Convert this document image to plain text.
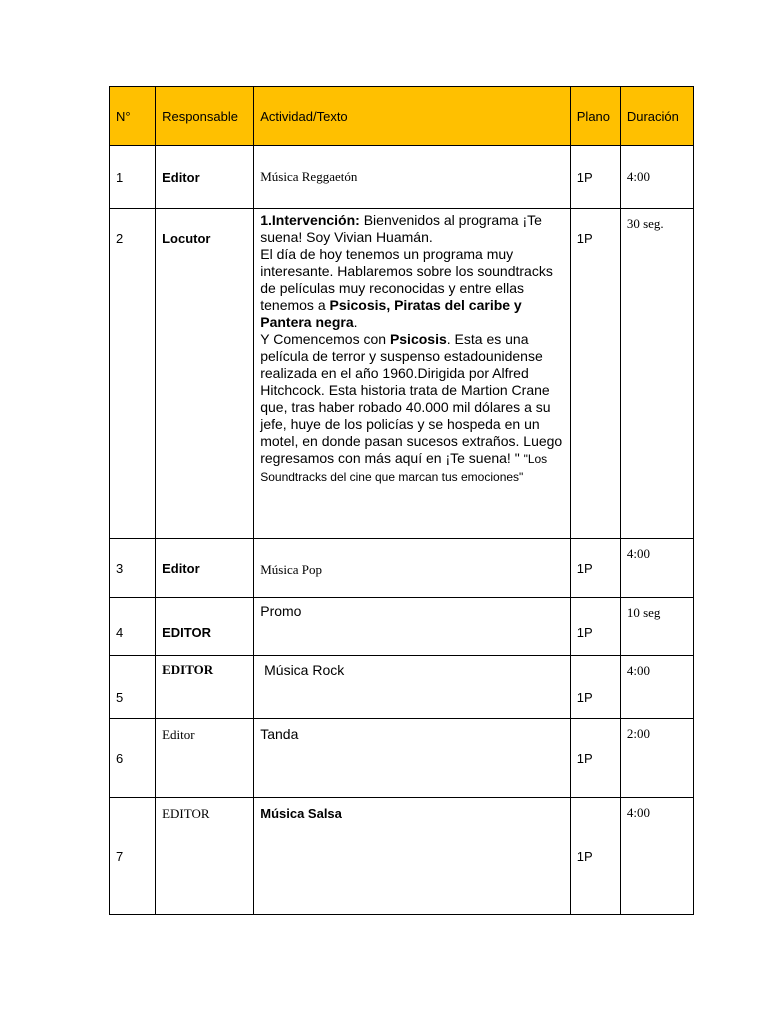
N°	Responsable	Actividad/Texto	Plano	Duración
1	Editor	Música Reggaetón	1P	4:00
2	Locutor	1.Intervención: Bienvenidos al programa ¡Te suena! Soy Vivian Huamán.
El día de hoy tenemos un programa muy interesante. Hablaremos sobre los soundtracks de películas muy reconocidas y entre ellas tenemos a Psicosis, Piratas del caribe y Pantera negra.
Y Comencemos con Psicosis. Esta es una película de terror y suspenso estadounidense realizada en el año 1960.Dirigida por Alfred Hitchcock. Esta historia trata de Martion Crane que, tras haber robado 40.000 mil dólares a su jefe, huye de los policías y se hospeda en un motel, en donde pasan sucesos extraños. Luego regresamos con más aquí en ¡Te suena! " "Los Soundtracks del cine que marcan tus emociones"	1P	30 seg.
3	Editor	Música Pop	1P	4:00
4	EDITOR	Promo	1P	10 seg
5	EDITOR	Música Rock	1P	4:00
6	Editor	Tanda	1P	2:00
7	EDITOR	Música Salsa	1P	4:00
